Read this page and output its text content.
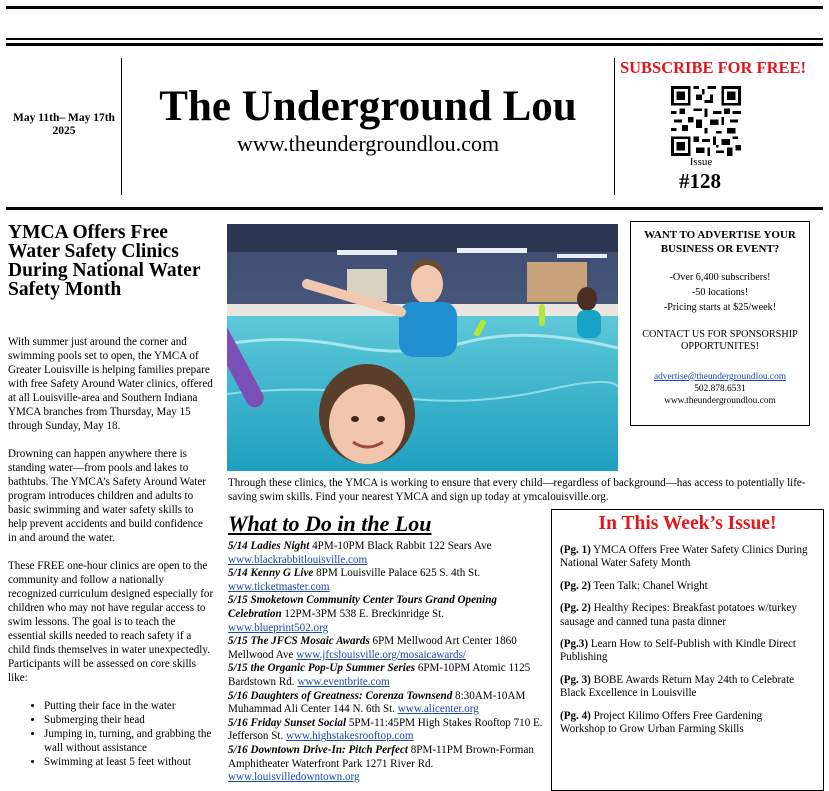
May 11th– May 17th 2025
The Underground Lou
www.theundergroundlou.com
SUBSCRIBE FOR FREE!
Issue
#128
YMCA Offers Free Water Safety Clinics During National Water Safety Month

With summer just around the corner and swimming pools set to open, the YMCA of Greater Louisville is helping families prepare with free Safety Around Water clinics, offered at all Louisville-area and Southern Indiana YMCA branches from Thursday, May 15 through Sunday, May 18.

Drowning can happen anywhere there is standing water—from pools and lakes to bathtubs. The YMCA’s Safety Around Water program introduces children and adults to basic swimming and water safety skills to help prevent accidents and build confidence in and around the water.

These FREE one-hour clinics are open to the community and follow a nationally recognized curriculum designed especially for children who may not have regular access to swim lessons. The goal is to teach the essential skills needed to reach safety if a child finds themselves in water unexpectedly. Participants will be assessed on core skills like:

• Putting their face in the water
• Submerging their head
• Jumping in, turning, and grabbing the wall without assistance
• Swimming at least 5 feet without
Through these clinics, the YMCA is working to ensure that every child—regardless of background—has access to potentially life-saving swim skills. Find your nearest YMCA and sign up today at ymcalouisville.org.
WANT TO ADVERTISE YOUR BUSINESS OR EVENT?
-Over 6,400 subscribers!
-50 locations!
-Pricing starts at $25/week!
CONTACT US FOR SPONSORSHIP OPPORTUNITES!
advertise@theundergroundlou.com
502.878.6531
www.theundergroundlou.com
What to Do in the Lou
5/14 Ladies Night 4PM-10PM Black Rabbit 122 Sears Ave www.blackrabbitlouisville.com
5/14 Kenny G Live 8PM Louisville Palace 625 S. 4th St. www.ticketmaster.com
5/15 Smoketown Community Center Tours Grand Opening Celebration 12PM-3PM 538 E. Breckinridge St. www.blueprint502.org
5/15 The JFCS Mosaic Awards 6PM Mellwood Art Center 1860 Mellwood Ave www.jfcslouisville.org/mosaicawards/
5/15 the Organic Pop-Up Summer Series 6PM-10PM Atomic 1125 Bardstown Rd. www.eventbrite.com
5/16 Daughters of Greatness: Corenza Townsend 8:30AM-10AM Muhammad Ali Center 144 N. 6th St. www.alicenter.org
5/16 Friday Sunset Social 5PM-11:45PM High Stakes Rooftop 710 E. Jefferson St. www.highstakesrooftop.com
5/16 Downtown Drive-In: Pitch Perfect 8PM-11PM Brown-Forman Amphitheater Waterfront Park 1271 River Rd. www.louisvilledowntown.org
In This Week’s Issue!
(Pg. 1) YMCA Offers Free Water Safety Clinics During National Water Safety Month
(Pg. 2) Teen Talk: Chanel Wright
(Pg. 2) Healthy Recipes: Breakfast potatoes w/turkey sausage and canned tuna pasta dinner
(Pg.3) Learn How to Self-Publish with Kindle Direct Publishing
(Pg. 3) BOBE Awards Return May 24th to Celebrate Black Excellence in Louisville
(Pg. 4) Project Kilimo Offers Free Gardening Workshop to Grow Urban Farming Skills
